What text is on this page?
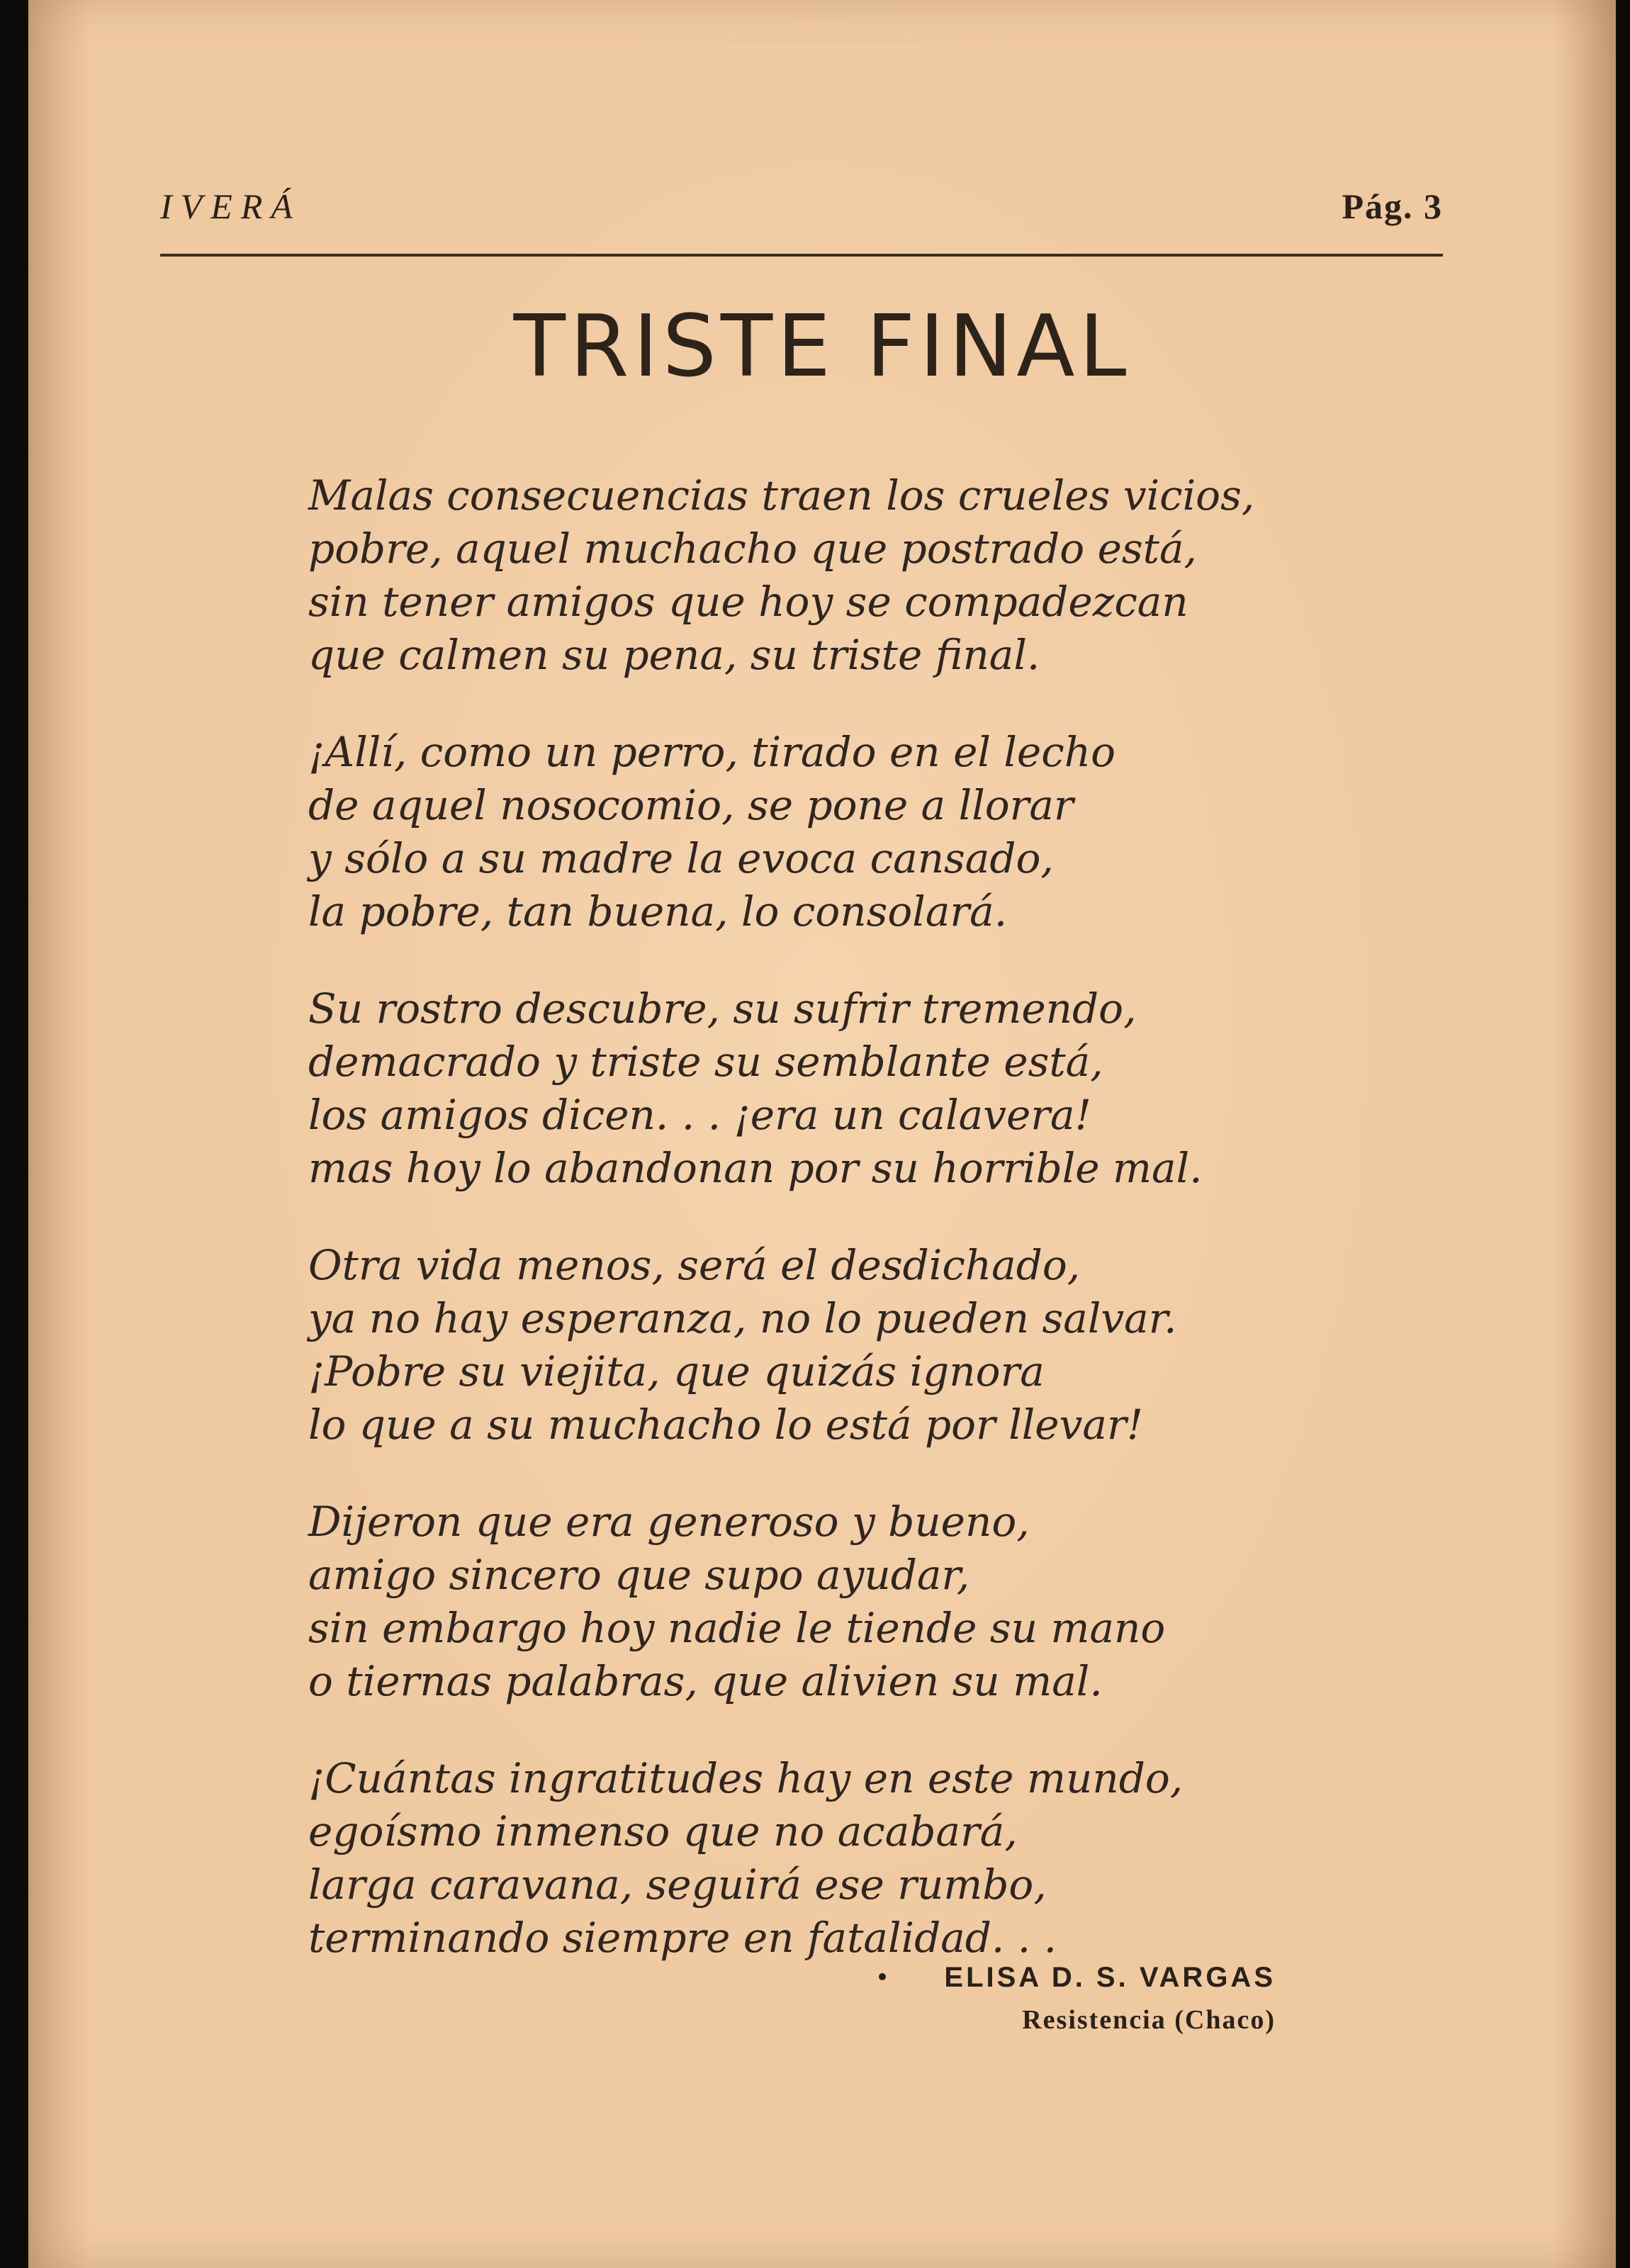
IVERÁ	Pág. 3
TRISTE FINAL
Malas consecuencias traen los crueles vicios,
pobre, aquel muchacho que postrado está,
sin tener amigos que hoy se compadezcan
que calmen su pena, su triste final.
¡Allí, como un perro, tirado en el lecho
de aquel nosocomio, se pone a llorar
y sólo a su madre la evoca cansado,
la pobre, tan buena, lo consolará.
Su rostro descubre, su sufrir tremendo,
demacrado y triste su semblante está,
los amigos dicen. . . ¡era un calavera!
mas hoy lo abandonan por su horrible mal.
Otra vida menos, será el desdichado,
ya no hay esperanza, no lo pueden salvar.
¡Pobre su viejita, que quizás ignora
lo que a su muchacho lo está por llevar!
Dijeron que era generoso y bueno,
amigo sincero que supo ayudar,
sin embargo hoy nadie le tiende su mano
o tiernas palabras, que alivien su mal.
¡Cuántas ingratitudes hay en este mundo,
egoísmo inmenso que no acabará,
larga caravana, seguirá ese rumbo,
terminando siempre en fatalidad. . .
ELISA D. S. VARGAS
Resistencia (Chaco)
